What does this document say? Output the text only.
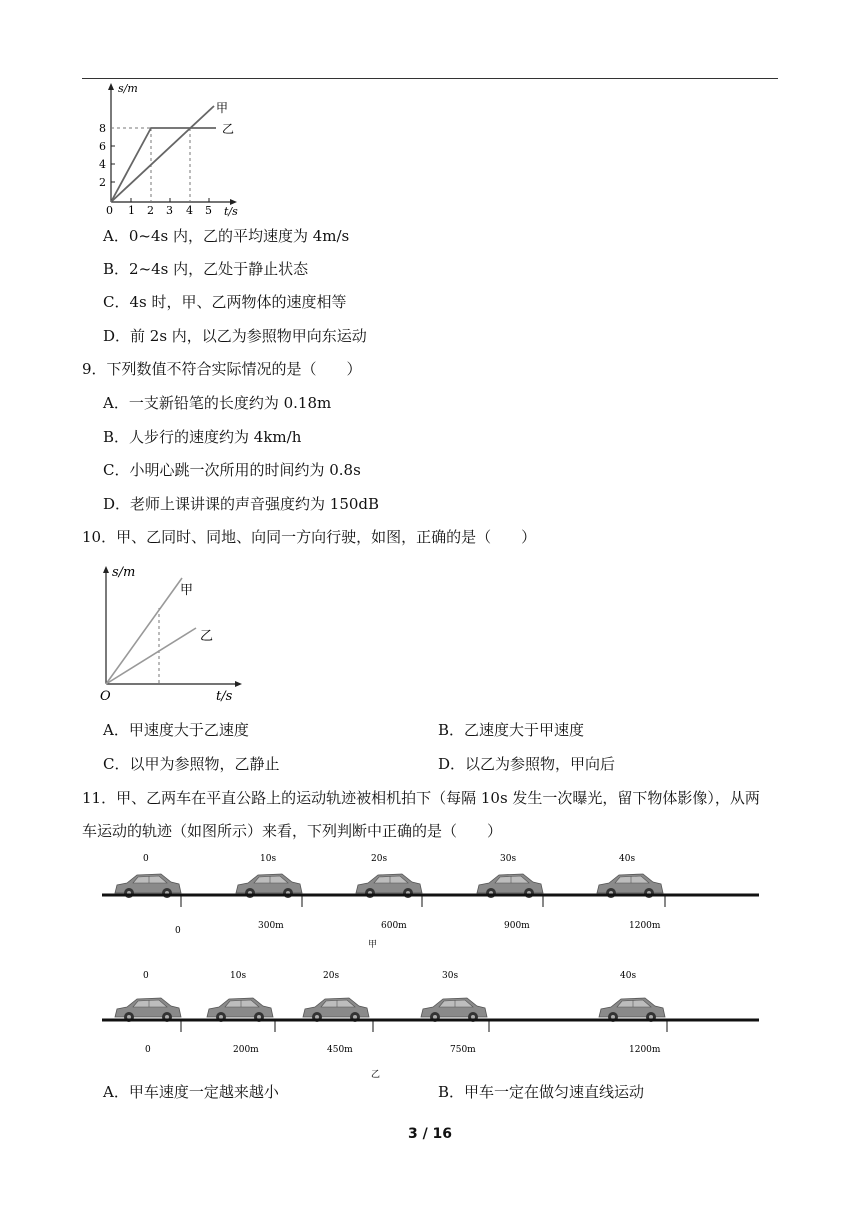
s/m
t/s
0
8
6
4
2
1 2 3 4 5
甲
乙
A．0~4s 内，乙的平均速度为 4m/s
B．2~4s 内，乙处于静止状态
C．4s 时，甲、乙两物体的速度相等
D．前 2s 内，以乙为参照物甲向东运动
9．下列数值不符合实际情况的是（　　）
A．一支新铅笔的长度约为 0.18m
B．人步行的速度约为 4km/h
C．小明心跳一次所用的时间约为 0.8s
D．老师上课讲课的声音强度约为 150dB
10．甲、乙同时、同地、向同一方向行驶，如图，正确的是（　　）
s/m
t/s
O
甲
乙
A．甲速度大于乙速度	B．乙速度大于甲速度
C．以甲为参照物，乙静止	D．以乙为参照物，甲向后
11．甲、乙两车在平直公路上的运动轨迹被相机拍下（每隔 10s 发生一次曝光，留下物体影像），从两
车运动的轨迹（如图所示）来看，下列判断中正确的是（　　）
0	10s	20s	30s	40s
0	300m	600m	900m	1200m
甲
0	10s	20s	30s	40s
0	200m	450m	750m	1200m
乙
A．甲车速度一定越来越小	B．甲车一定在做匀速直线运动
3 / 16
